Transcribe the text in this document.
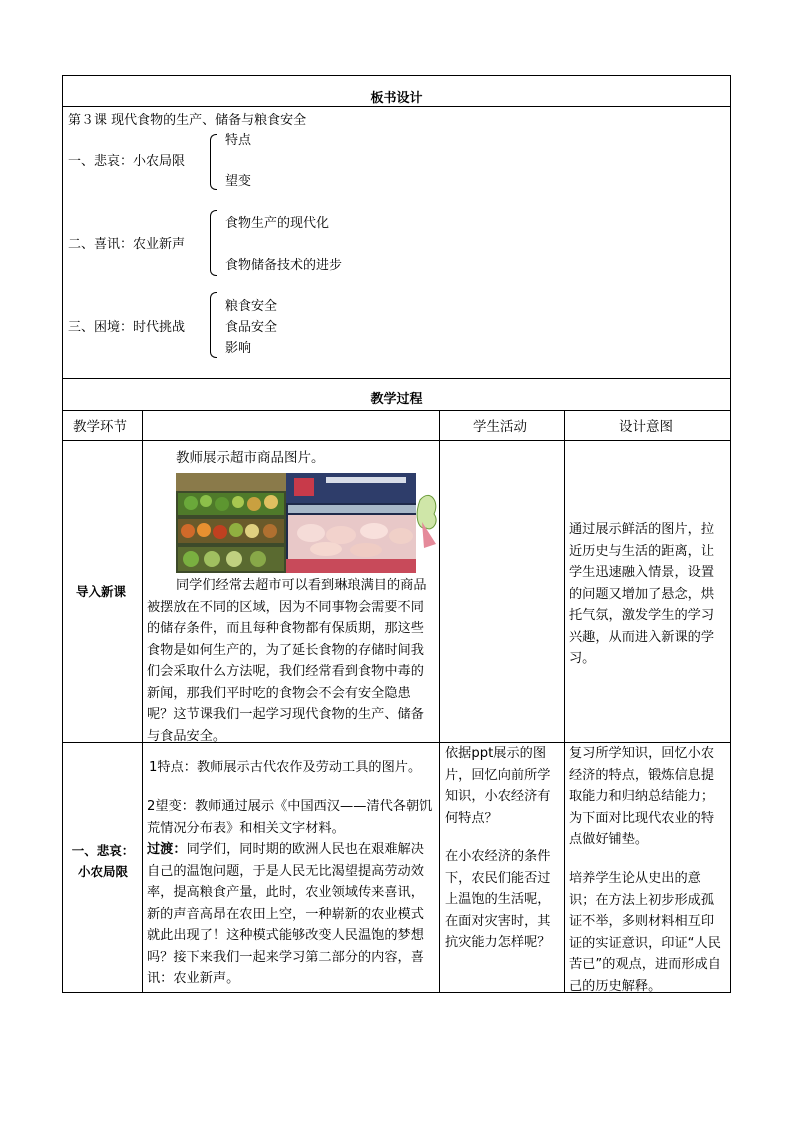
板书设计
第３课 现代食物的生产、储备与粮食安全
一、悲哀：小农局限
特点
望变
二、喜讯：农业新声
食物生产的现代化
食物储备技术的进步
三、困境：时代挑战
粮食安全
食品安全
影响
教学过程
教学环节	学生活动	设计意图
导入新课
教师展示超市商品图片。
同学们经常去超市可以看到琳琅满目的商品被摆放在不同的区域，因为不同事物会需要不同的储存条件，而且每种食物都有保质期，那这些食物是如何生产的，为了延长食物的存储时间我们会采取什么方法呢，我们经常看到食物中毒的新闻，那我们平时吃的食物会不会有安全隐患呢？这节课我们一起学习现代食物的生产、储备与食品安全。
通过展示鲜活的图片，拉近历史与生活的距离，让学生迅速融入情景，设置的问题又增加了悬念，烘托气氛，激发学生的学习兴趣，从而进入新课的学习。
一、悲哀：小农局限
1特点：教师展示古代农作及劳动工具的图片。
2望变：教师通过展示《中国西汉——清代各朝饥荒情况分布表》和相关文字材料。
过渡：同学们，同时期的欧洲人民也在艰难解决自己的温饱问题，于是人民无比渴望提高劳动效率，提高粮食产量，此时，农业领域传来喜讯，新的声音高昂在农田上空，一种崭新的农业模式就此出现了！这种模式能够改变人民温饱的梦想吗？接下来我们一起来学习第二部分的内容，喜讯：农业新声。
依据ppt展示的图片，回忆向前所学知识，小农经济有何特点？
在小农经济的条件下，农民们能否过上温饱的生活呢，在面对灾害时，其抗灾能力怎样呢？
复习所学知识，回忆小农经济的特点，锻炼信息提取能力和归纳总结能力；为下面对比现代农业的特点做好铺垫。
培养学生论从史出的意识；在方法上初步形成孤证不举，多则材料相互印证的实证意识，印证“人民苦已”的观点，进而形成自己的历史解释。
